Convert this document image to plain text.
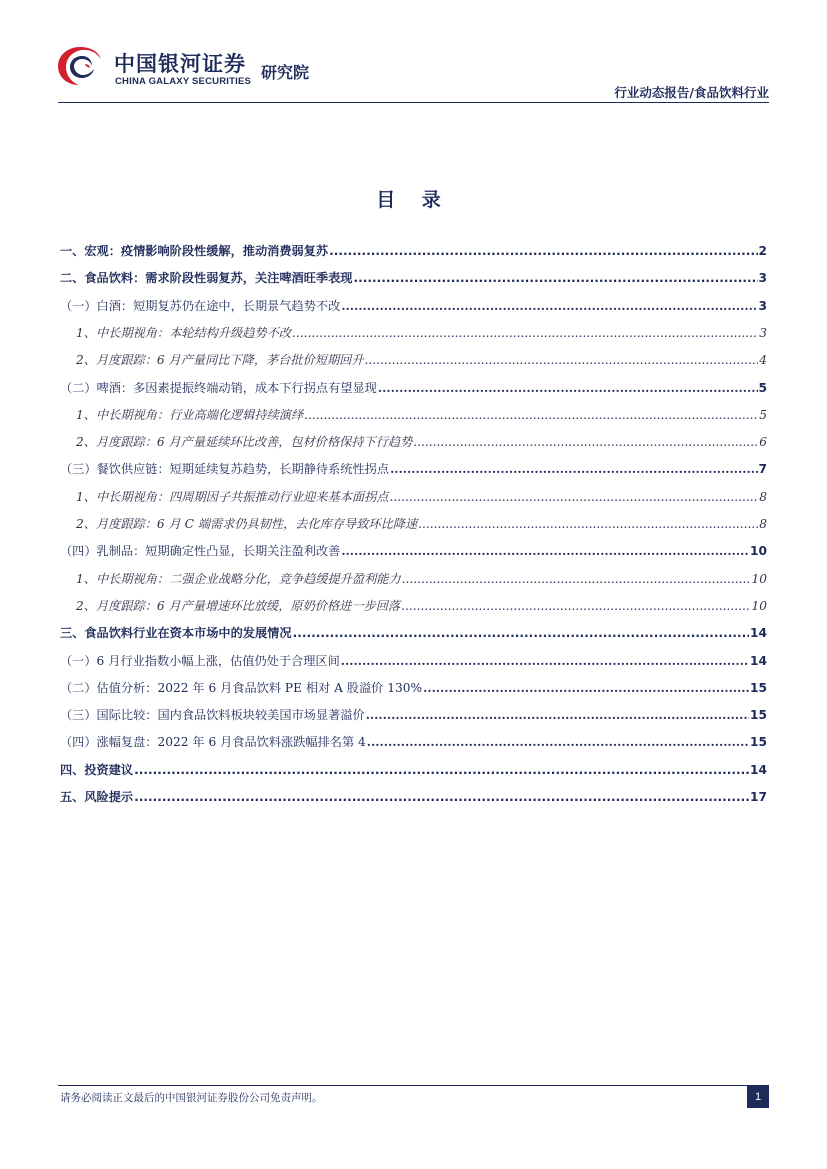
中国银河证券
CHINA GALAXY SECURITIES 研究院
行业动态报告/食品饮料行业
目 录
一、宏观：疫情影响阶段性缓解，推动消费弱复苏 .....	2
二、食品饮料：需求阶段性弱复苏，关注啤酒旺季表现 .....	3
（一）白酒：短期复苏仍在途中，长期景气趋势不改 .....	3
1、中长期视角：本轮结构升级趋势不改 .....	3
2、月度跟踪：6 月产量同比下降，茅台批价短期回升 .....	4
（二）啤酒：多因素提振终端动销，成本下行拐点有望显现 .....	5
1、中长期视角：行业高端化逻辑持续演绎 .....	5
2、月度跟踪：6 月产量延续环比改善，包材价格保持下行趋势 .....	6
（三）餐饮供应链：短期延续复苏趋势，长期静待系统性拐点 .....	7
1、中长期视角：四周期因子共振推动行业迎来基本面拐点 .....	8
2、月度跟踪：6 月 C 端需求仍具韧性，去化库存导致环比降速 .....	8
（四）乳制品：短期确定性凸显，长期关注盈利改善 .....	10
1、中长期视角：二强企业战略分化，竞争趋缓提升盈利能力 .....	10
2、月度跟踪：6 月产量增速环比放缓，原奶价格进一步回落 .....	10
三、食品饮料行业在资本市场中的发展情况 .....	14
（一）6 月行业指数小幅上涨，估值仍处于合理区间 .....	14
（二）估值分析：2022 年 6 月食品饮料 PE 相对 A 股溢价 130% .....	15
（三）国际比较：国内食品饮料板块较美国市场显著溢价 .....	15
（四）涨幅复盘：2022 年 6 月食品饮料涨跌幅排名第 4 .....	15
四、投资建议 .....	14
五、风险提示 .....	17
请务必阅读正文最后的中国银河证券股份公司免责声明。	1
